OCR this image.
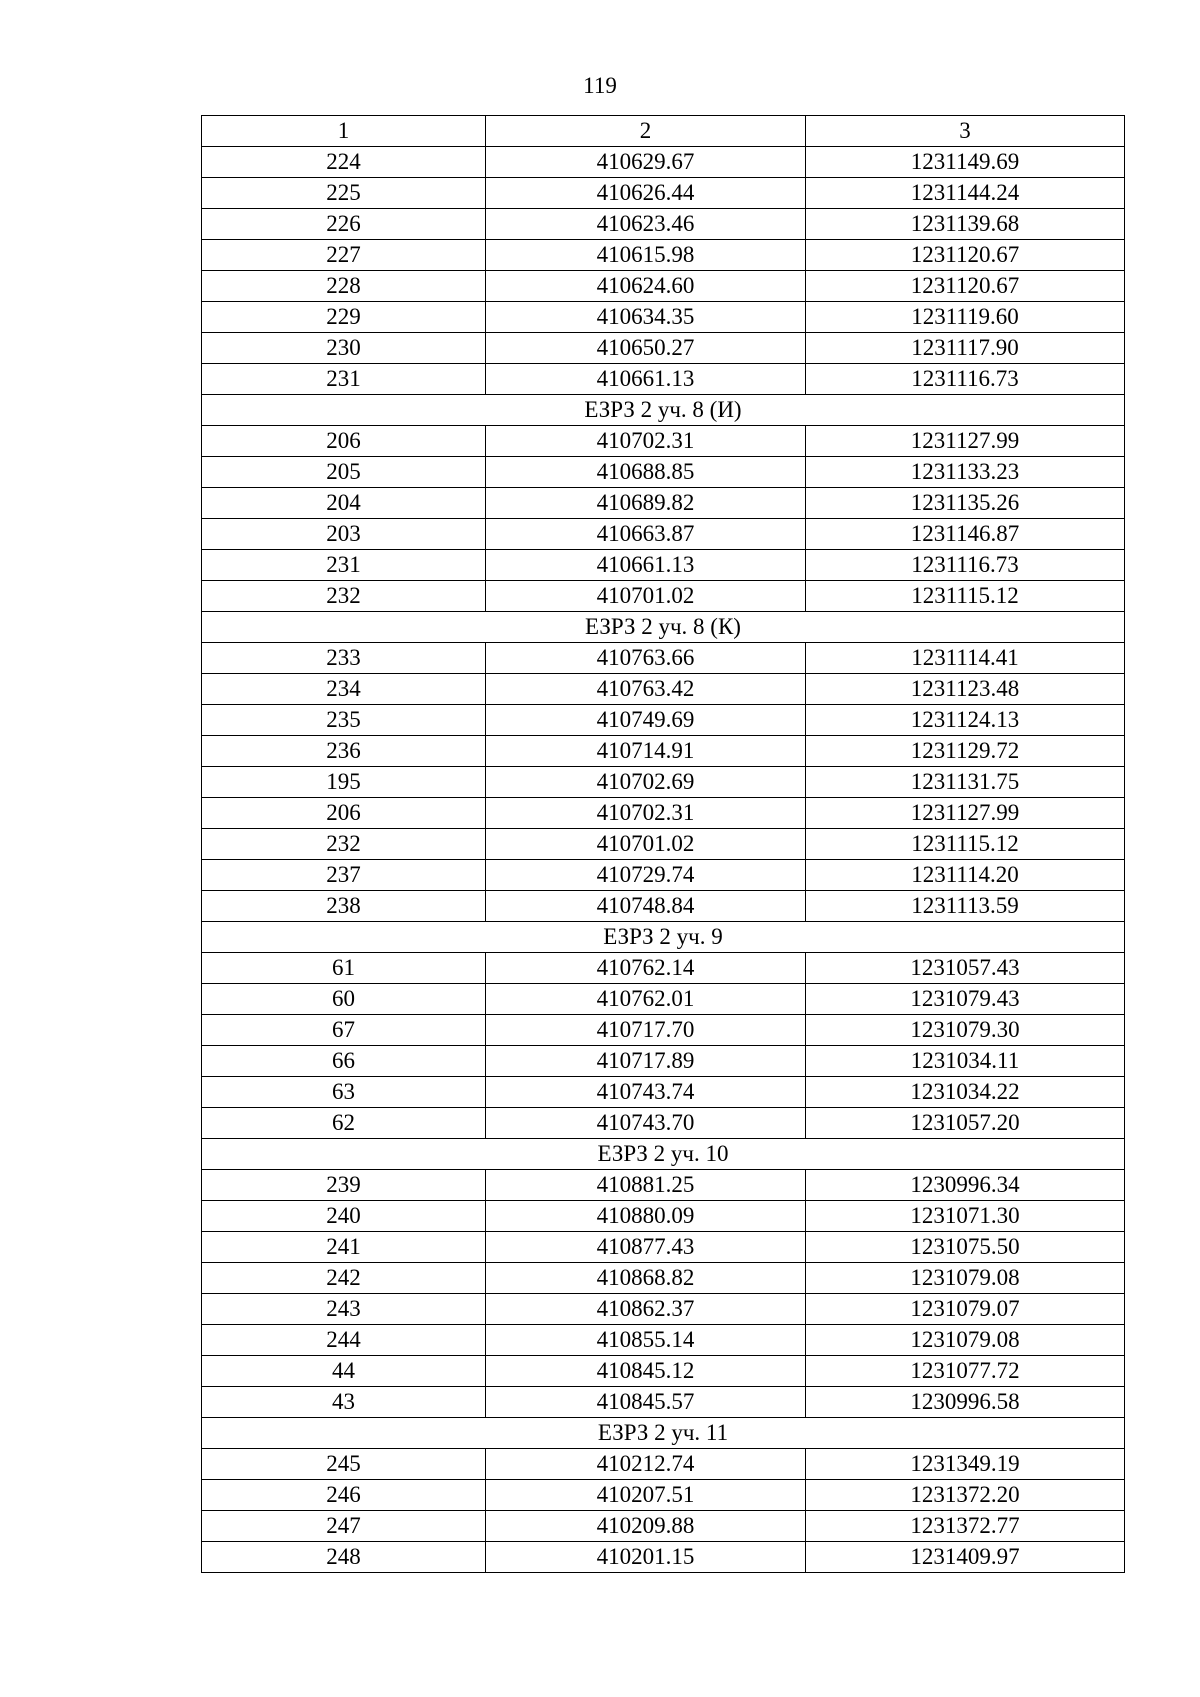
119
1	2	3
224	410629.67	1231149.69
225	410626.44	1231144.24
226	410623.46	1231139.68
227	410615.98	1231120.67
228	410624.60	1231120.67
229	410634.35	1231119.60
230	410650.27	1231117.90
231	410661.13	1231116.73
ЕЗРЗ 2 уч. 8 (И)		
206	410702.31	1231127.99
205	410688.85	1231133.23
204	410689.82	1231135.26
203	410663.87	1231146.87
231	410661.13	1231116.73
232	410701.02	1231115.12
ЕЗРЗ 2 уч. 8 (К)		
233	410763.66	1231114.41
234	410763.42	1231123.48
235	410749.69	1231124.13
236	410714.91	1231129.72
195	410702.69	1231131.75
206	410702.31	1231127.99
232	410701.02	1231115.12
237	410729.74	1231114.20
238	410748.84	1231113.59
ЕЗРЗ 2 уч. 9		
61	410762.14	1231057.43
60	410762.01	1231079.43
67	410717.70	1231079.30
66	410717.89	1231034.11
63	410743.74	1231034.22
62	410743.70	1231057.20
ЕЗРЗ 2 уч. 10		
239	410881.25	1230996.34
240	410880.09	1231071.30
241	410877.43	1231075.50
242	410868.82	1231079.08
243	410862.37	1231079.07
244	410855.14	1231079.08
44	410845.12	1231077.72
43	410845.57	1230996.58
ЕЗРЗ 2 уч. 11		
245	410212.74	1231349.19
246	410207.51	1231372.20
247	410209.88	1231372.77
248	410201.15	1231409.97
